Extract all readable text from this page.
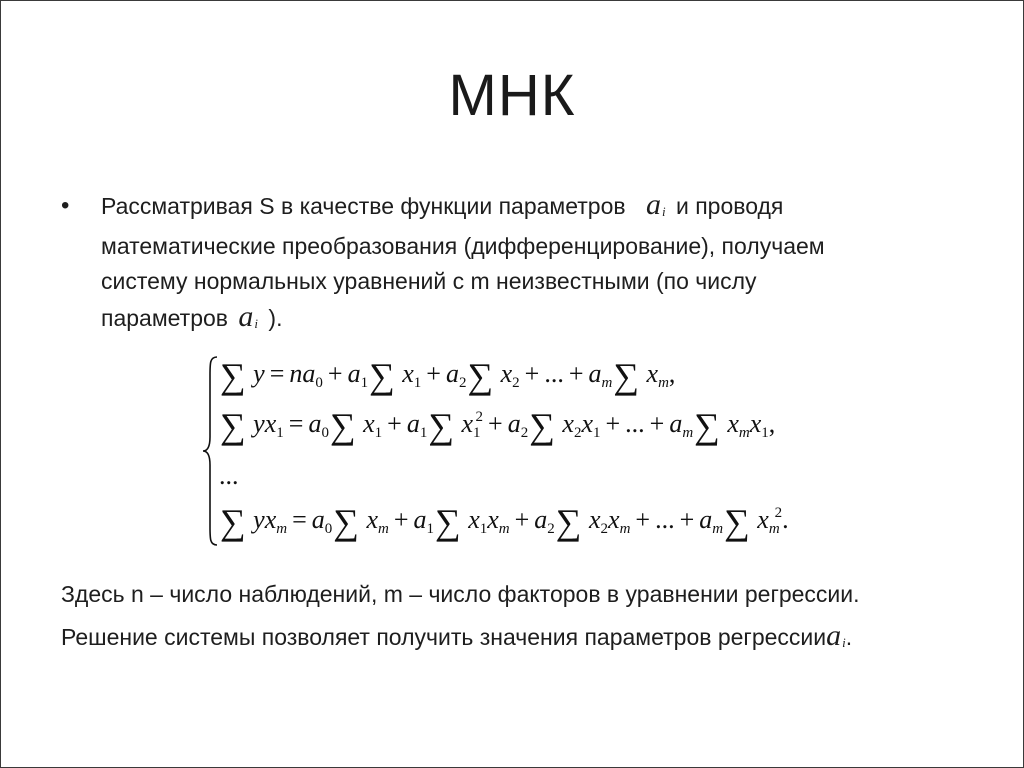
МНК
• Рассматривая S в качестве функции параметров $a_i$ и проводя
математические преобразования (дифференцирование), получаем
систему нормальных уравнений с m неизвестными (по числу
параметров $a_i$ ).
∑ $y = na_0 + a_1\sum$ $x_1 + a_2\sum$ $x_2$ + ... + $a_m\sum$ $x_m$,
∑ $yx_1 = a_0\sum$ $x_1 + a_1\sum$ $x_1^2 + a_2\sum$ $x_2x_1$ + ... + $a_m\sum$ $x_mx_1$,
...
∑ $yx_m = a_0\sum$ $x_m + a_1\sum$ $x_1x_m + a_2\sum$ $x_2x_m$ + ... + $a_m\sum$ $x_m^2$.
Здесь n – число наблюдений, m – число факторов в уравнении регрессии.
Решение системы позволяет получить значения параметров регрессииa$_i$.
